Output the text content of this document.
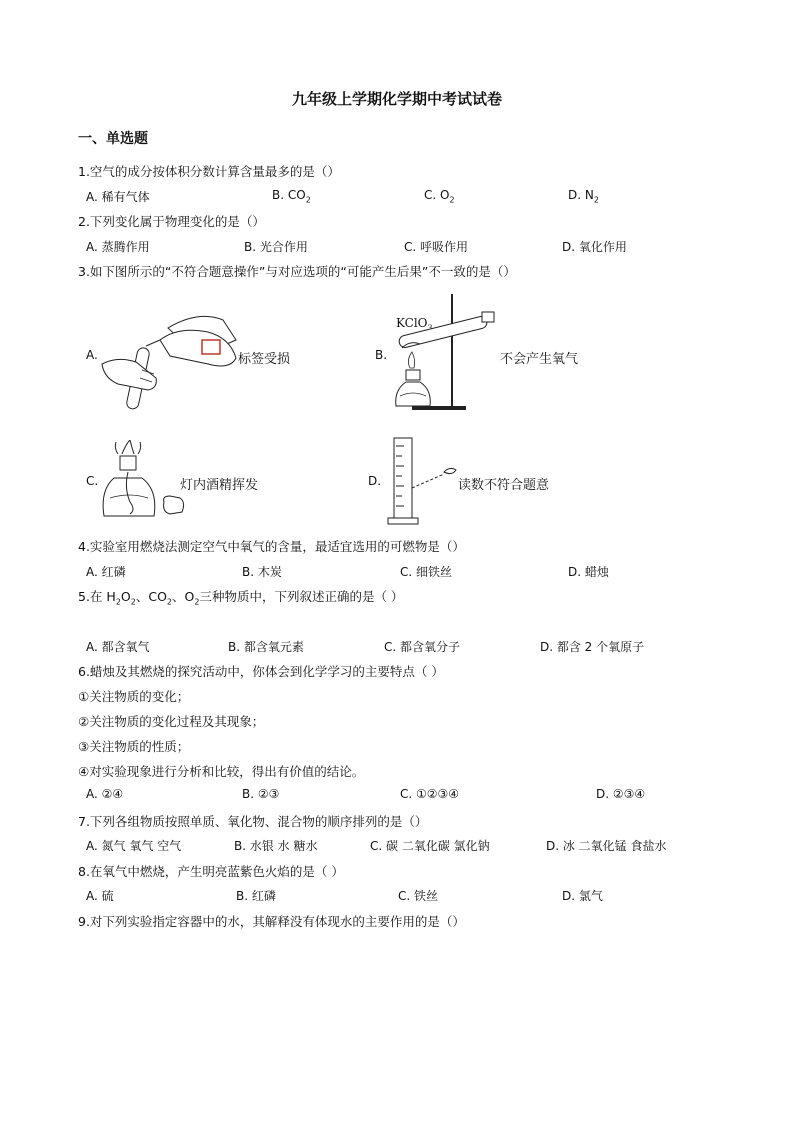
九年级上学期化学期中考试试卷
一、单选题
1.空气的成分按体积分数计算含量最多的是（）
A. 稀有气体	B. $CO_2$	C. $O_2$	D. $N_2$
2.下列变化属于物理变化的是（）
A. 蒸腾作用	B. 光合作用	C. 呼吸作用	D. 氧化作用
3.如下图所示的“不符合题意操作”与对应选项的“可能产生后果”不一致的是（）
A.	标签受损	B.
KClO$_3$
不会产生氧气
C.	灯内酒精挥发	D.	读数不符合题意
4.实验室用燃烧法测定空气中氧气的含量，最适宜选用的可燃物是（）
A. 红磷	B. 木炭	C. 细铁丝	D. 蜡烛
5.在 $H_2O_2$、$CO_2$、$O_2$三种物质中，下列叙述正确的是（ ）
A. 都含氧气	B. 都含氧元素	C. 都含氧分子	D. 都含 2 个氧原子
6.蜡烛及其燃烧的探究活动中，你体会到化学学习的主要特点（ ）
①关注物质的变化；
②关注物质的变化过程及其现象；
③关注物质的性质；
④对实验现象进行分析和比较，得出有价值的结论。
A. ②④	B. ②③	C. ①②③④	D. ②③④
7.下列各组物质按照单质、氧化物、混合物的顺序排列的是（）
A. 氮气 氧气 空气	B. 水银 水 糖水	C. 碳 二氧化碳 氯化钠	D. 冰 二氧化锰 食盐水
8.在氧气中燃烧，产生明亮蓝紫色火焰的是（ ）
A. 硫	B. 红磷	C. 铁丝	D. 氯气
9.对下列实验指定容器中的水，其解释没有体现水的主要作用的是（）
